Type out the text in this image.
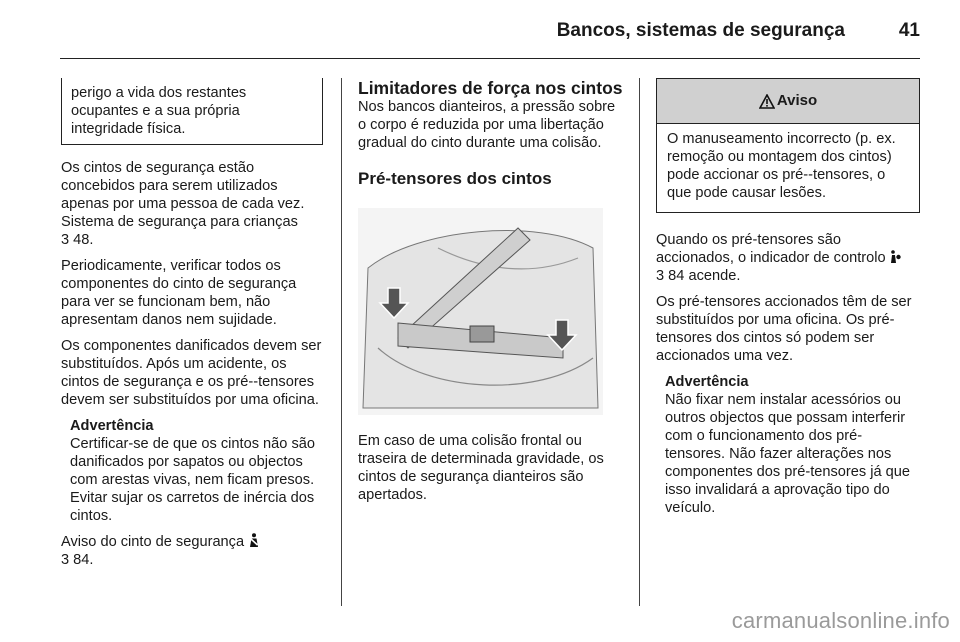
Bancos, sistemas de segurança	41
perigo a vida dos restantes ocupantes e a sua própria integridade física.

Os cintos de segurança estão concebidos para serem utilizados apenas por uma pessoa de cada vez. Sistema de segurança para crianças
3 48.

Periodicamente, verificar todos os componentes do cinto de segurança para ver se funcionam bem, não apresentam danos nem sujidade.

Os componentes danificados devem ser substituídos. Após um acidente, os cintos de segurança e os pré--tensores devem ser substituídos por uma oficina.

Advertência
Certificar-se de que os cintos não são danificados por sapatos ou objectos com arestas vivas, nem ficam presos. Evitar sujar os carretos de inércia dos cintos.

Aviso do cinto de segurança
3 84.

Limitadores de força nos cintos

Nos bancos dianteiros, a pressão sobre o corpo é reduzida por uma libertação gradual do cinto durante uma colisão.

Pré-tensores dos cintos

Em caso de uma colisão frontal ou traseira de determinada gravidade, os cintos de segurança dianteiros são apertados.

Aviso
O manuseamento incorrecto (p. ex. remoção ou montagem dos cintos) pode accionar os pré--tensores, o que pode causar lesões.

Quando os pré-tensores são accionados, o indicador de controlo
3 84 acende.

Os pré-tensores accionados têm de ser substituídos por uma oficina. Os pré-tensores dos cintos só podem ser accionados uma vez.

Advertência
Não fixar nem instalar acessórios ou outros objectos que possam interferir com o funcionamento dos pré-tensores. Não fazer alterações nos componentes dos pré-tensores já que isso invalidará a aprovação tipo do veículo.
carmanualsonline.info
